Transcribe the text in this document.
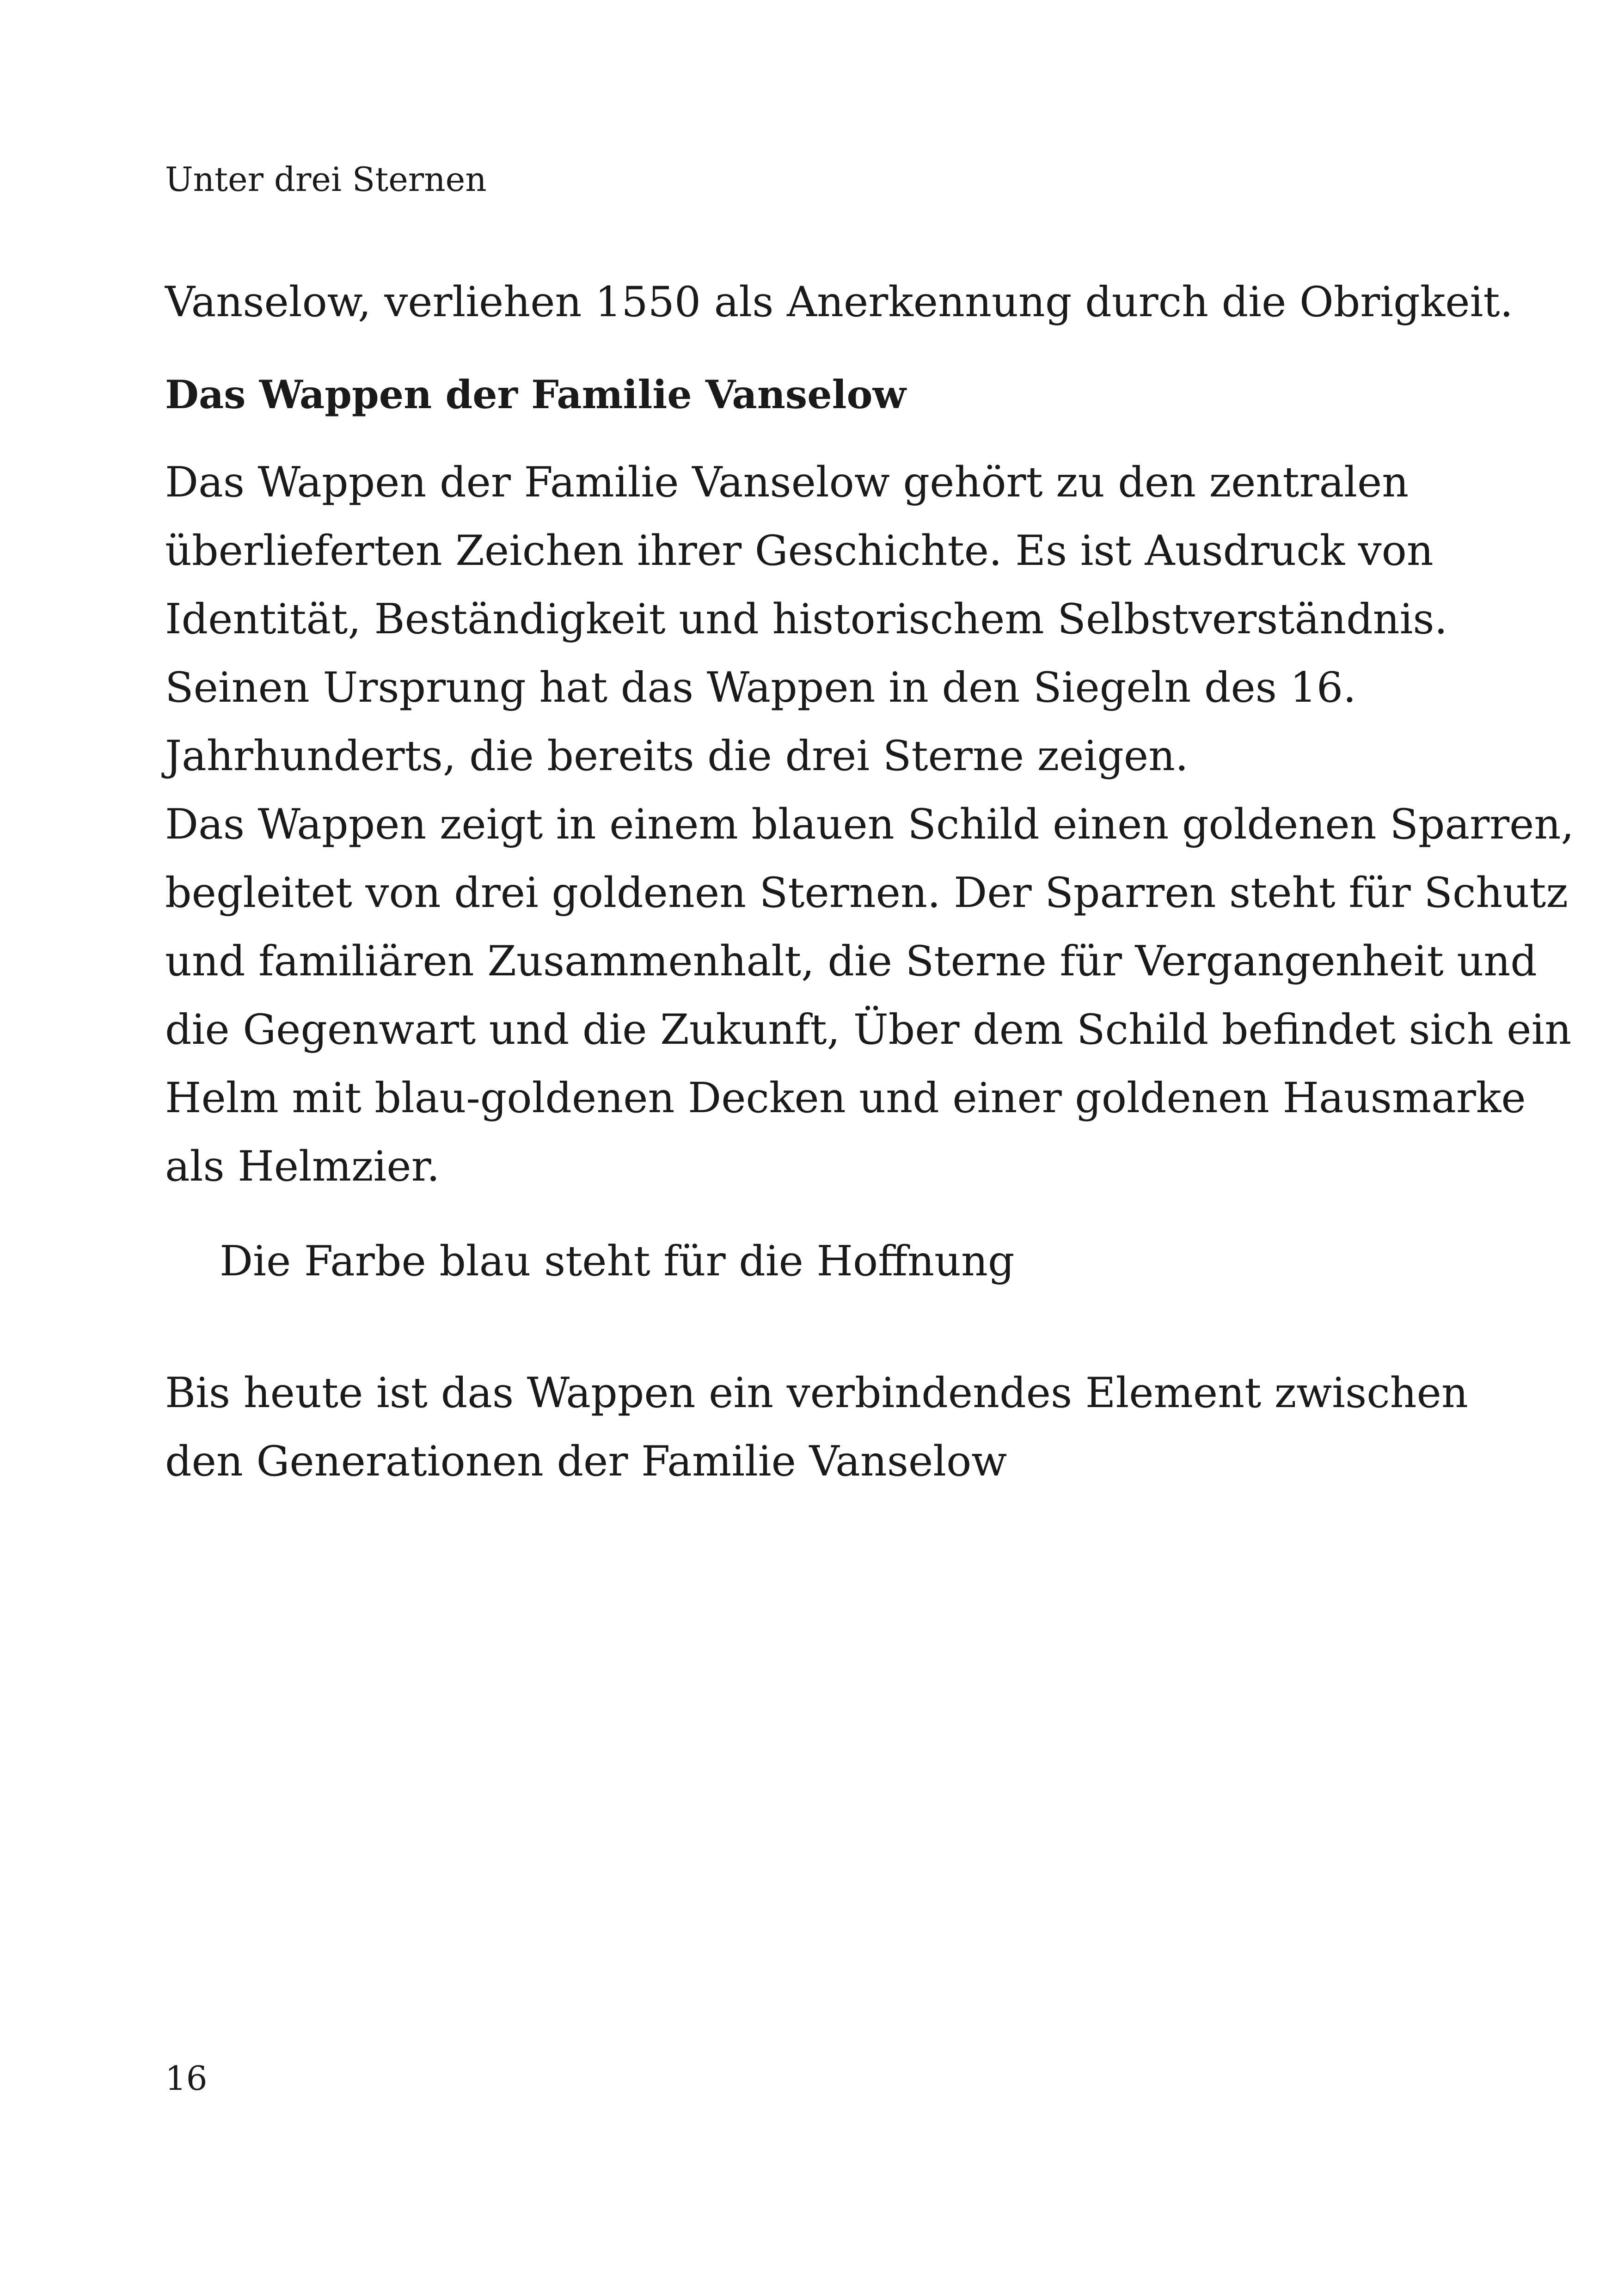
Unter drei Sternen
Vanselow, verliehen 1550 als Anerkennung durch die Obrigkeit.
Das Wappen der Familie Vanselow
Das Wappen der Familie Vanselow gehört zu den zentralen
überlieferten Zeichen ihrer Geschichte. Es ist Ausdruck von
Identität, Beständigkeit und historischem Selbstverständnis.
Seinen Ursprung hat das Wappen in den Siegeln des 16.
Jahrhunderts, die bereits die drei Sterne zeigen.
Das Wappen zeigt in einem blauen Schild einen goldenen Sparren,
begleitet von drei goldenen Sternen. Der Sparren steht für Schutz
und familiären Zusammenhalt, die Sterne für Vergangenheit und
die Gegenwart und die Zukunft, Über dem Schild befindet sich ein
Helm mit blau-goldenen Decken und einer goldenen Hausmarke
als Helmzier.
Die Farbe blau steht für die Hoffnung
Bis heute ist das Wappen ein verbindendes Element zwischen
den Generationen der Familie Vanselow
16
